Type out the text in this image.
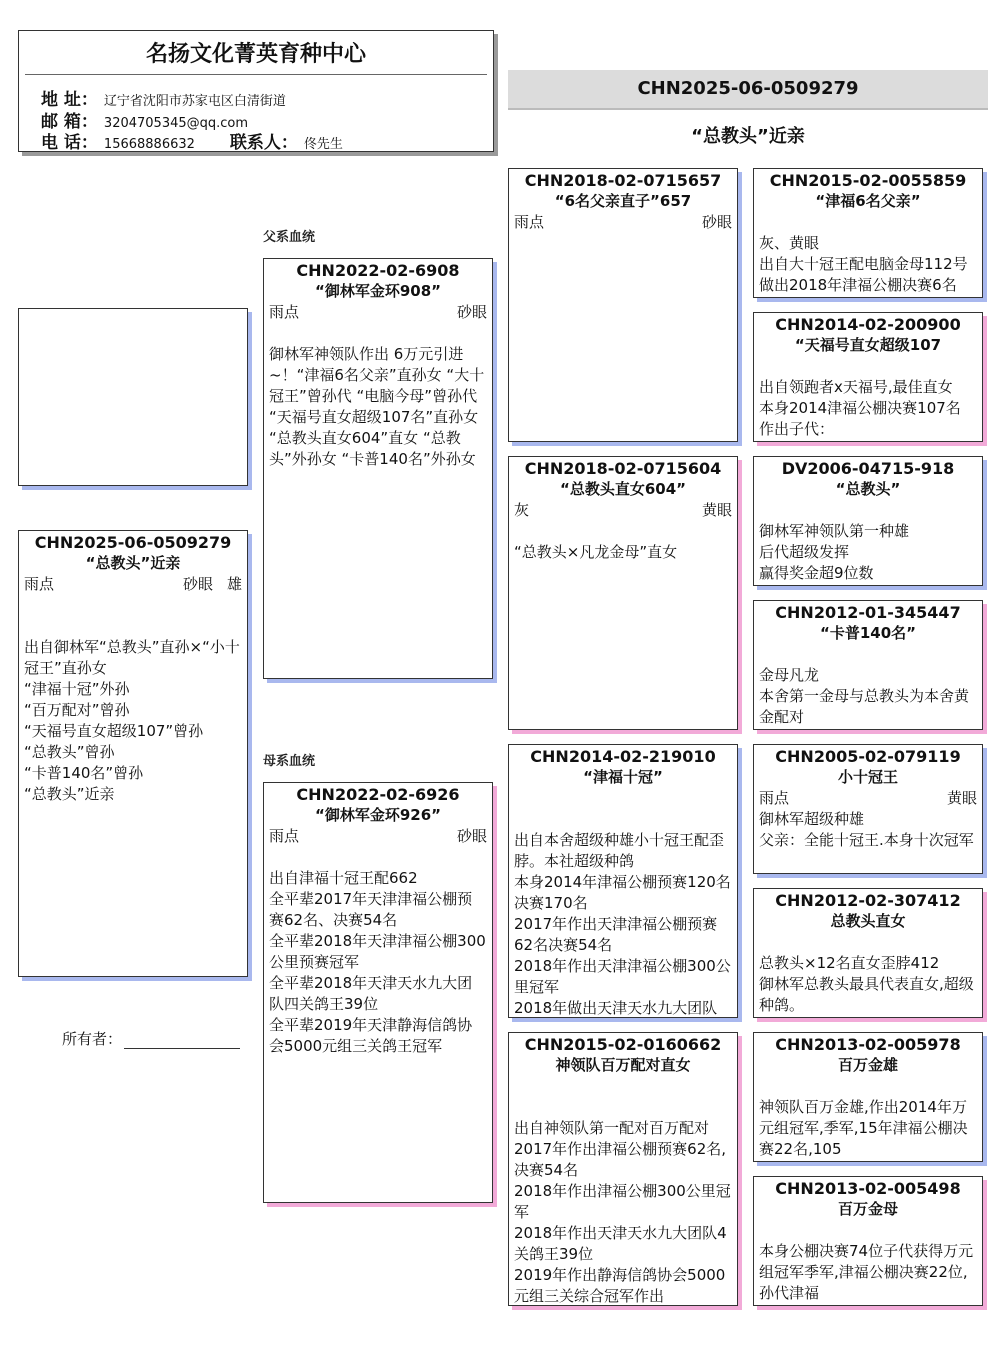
名扬文化菁英育种中心
地 址： 辽宁省沈阳市苏家屯区白清街道
邮 箱： 3204705345@qq.com
电 话： 15668886632	联系人： 佟先生
CHN2025-06-0509279
“总教头”近亲
CHN2025-06-0509279
“总教头”近亲
雨点	砂眼 雄
出自御林军“总教头”直孙×“小十冠王”直孙女
“津福十冠”外孙
“百万配对”曾孙
“天福号直女超级107”曾孙
“总教头”曾孙
“卡普140名”曾孙
“总教头”近亲
所有者：
父系血统
母系血统
CHN2022-02-6908
“御林军金环908”
雨点	砂眼
御林军神领队作出 6万元引进~！“津福6名父亲”直孙女 “大十冠王”曾孙代 “电脑今母”曾孙代 “天福号直女超级107名”直孙女 “总教头直女604”直女 “总教头”外孙女 “卡普140名”外孙女
CHN2022-02-6926
“御林军金环926”
雨点	砂眼
出自津福十冠王配662
全平辈2017年天津津福公棚预赛62名、决赛54名
全平辈2018年天津津福公棚300公里预赛冠军
全平辈2018年天津天水九大团队四关鸽王39位
全平辈2019年天津静海信鸽协会5000元组三关鸽王冠军
CHN2018-02-0715657
“6名父亲直子”657
雨点	砂眼
CHN2018-02-0715604
“总教头直女604”
灰	黄眼
“总教头×凡龙金母”直女
CHN2014-02-219010
“津福十冠”
出自本舍超级种雄小十冠王配歪脖。本社超级种鸽
本身2014年津福公棚预赛120名决赛170名
2017年作出天津津福公棚预赛62名决赛54名
2018年作出天津津福公棚300公里冠军
2018年做出天津天水九大团队
CHN2015-02-0160662
神领队百万配对直女
出自神领队第一配对百万配对
2017年作出津福公棚预赛62名,决赛54名
2018年作出津福公棚300公里冠军
2018年作出天津天水九大团队4关鸽王39位
2019年作出静海信鸽协会5000元组三关综合冠军作出
CHN2015-02-0055859
“津福6名父亲”
灰、黄眼
出自大十冠王配电脑金母112号
做出2018年津福公棚决赛6名
CHN2014-02-200900
“天福号直女超级107
出自领跑者x天福号,最佳直女
本身2014津福公棚决赛107名
作出子代：
DV2006-04715-918
“总教头”
御林军神领队第一种雄
后代超级发挥
赢得奖金超9位数
CHN2012-01-345447
“卡普140名”
金母凡龙
本舍第一金母与总教头为本舍黄金配对
CHN2005-02-079119
小十冠王
雨点	黄眼
御林军超级种雄
父亲：全能十冠王.本身十次冠军
CHN2012-02-307412
总教头直女
总教头×12名直女歪脖412
御林军总教头最具代表直女,超级种鸽。
CHN2013-02-005978
百万金雄
神领队百万金雄,作出2014年万元组冠军,季军,15年津福公棚决赛22名,105
CHN2013-02-005498
百万金母
本身公棚决赛74位子代获得万元组冠军季军,津福公棚决赛22位,孙代津福
